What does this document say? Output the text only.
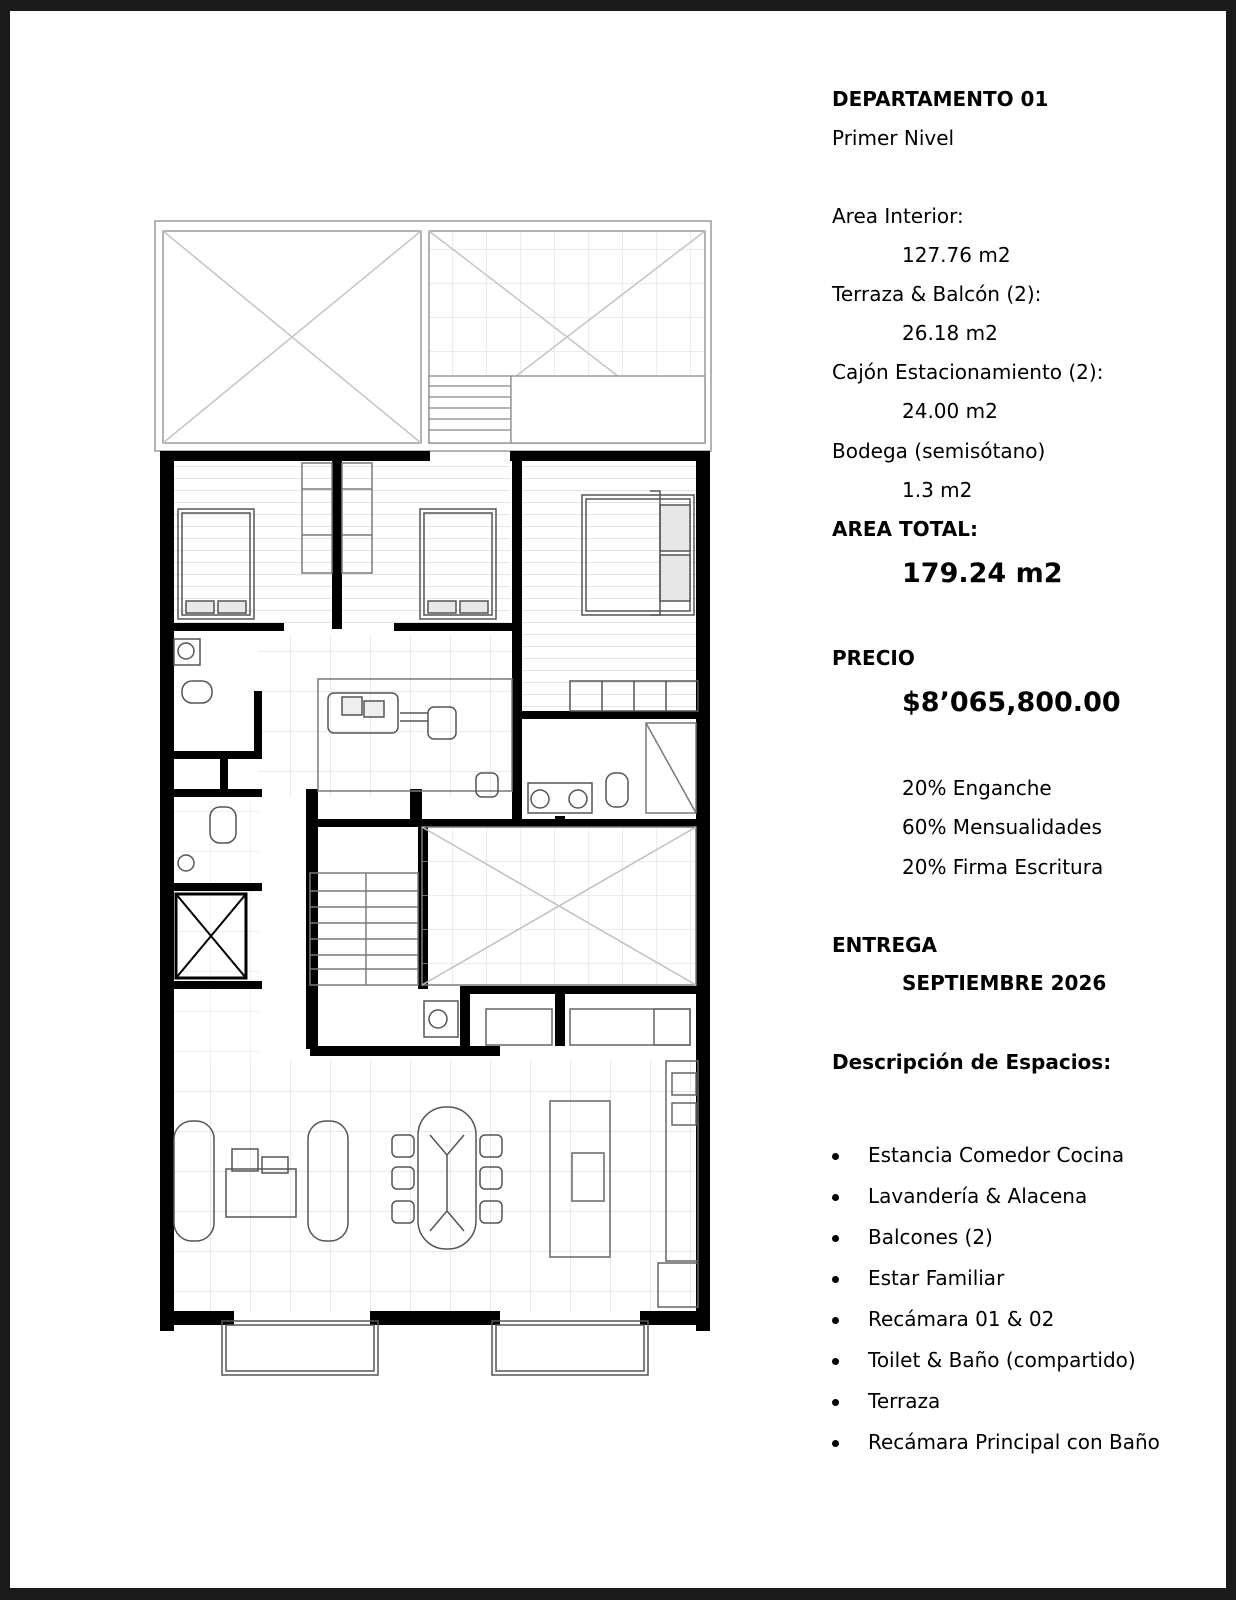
DEPARTAMENTO 01
Primer Nivel
Area Interior:
127.76 m2
Terraza & Balcón (2):
26.18 m2
Cajón Estacionamiento (2):
24.00 m2
Bodega (semisótano)
1.3 m2
AREA TOTAL:
179.24 m2
PRECIO
$8’065,800.00
20% Enganche
60% Mensualidades
20% Firma Escritura
ENTREGA
SEPTIEMBRE 2026
Descripción de Espacios:
Estancia Comedor Cocina
Lavandería & Alacena
Balcones (2)
Estar Familiar
Recámara 01 & 02
Toilet & Baño (compartido)
Terraza
Recámara Principal con Baño
